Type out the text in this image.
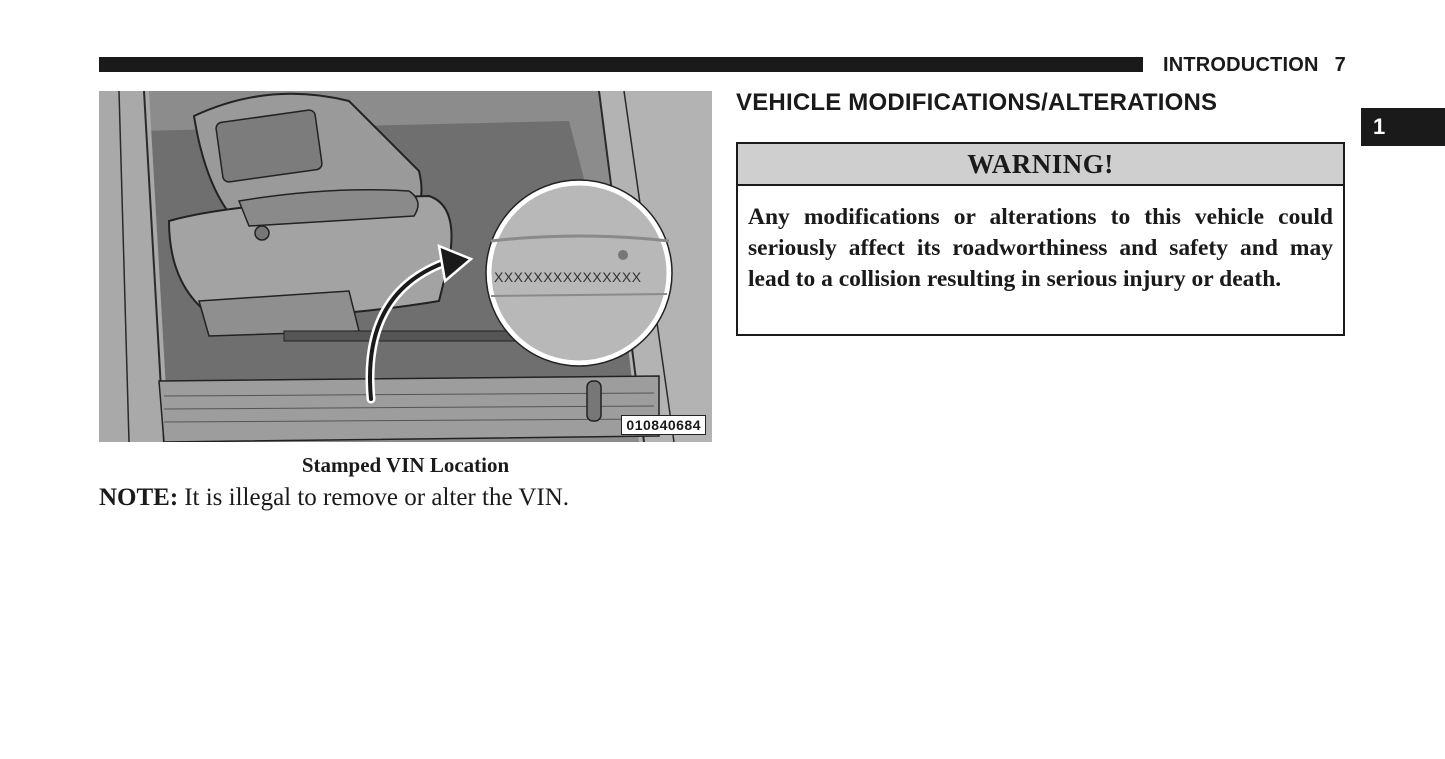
INTRODUCTION 7
1
XXXXXXXXXXXXXXX
010840684
Stamped VIN Location
NOTE: It is illegal to remove or alter the VIN.
VEHICLE MODIFICATIONS/ALTERATIONS
WARNING!
Any modifications or alterations to this vehicle could seriously affect its roadworthiness and safety and may lead to a collision resulting in serious injury or death.
